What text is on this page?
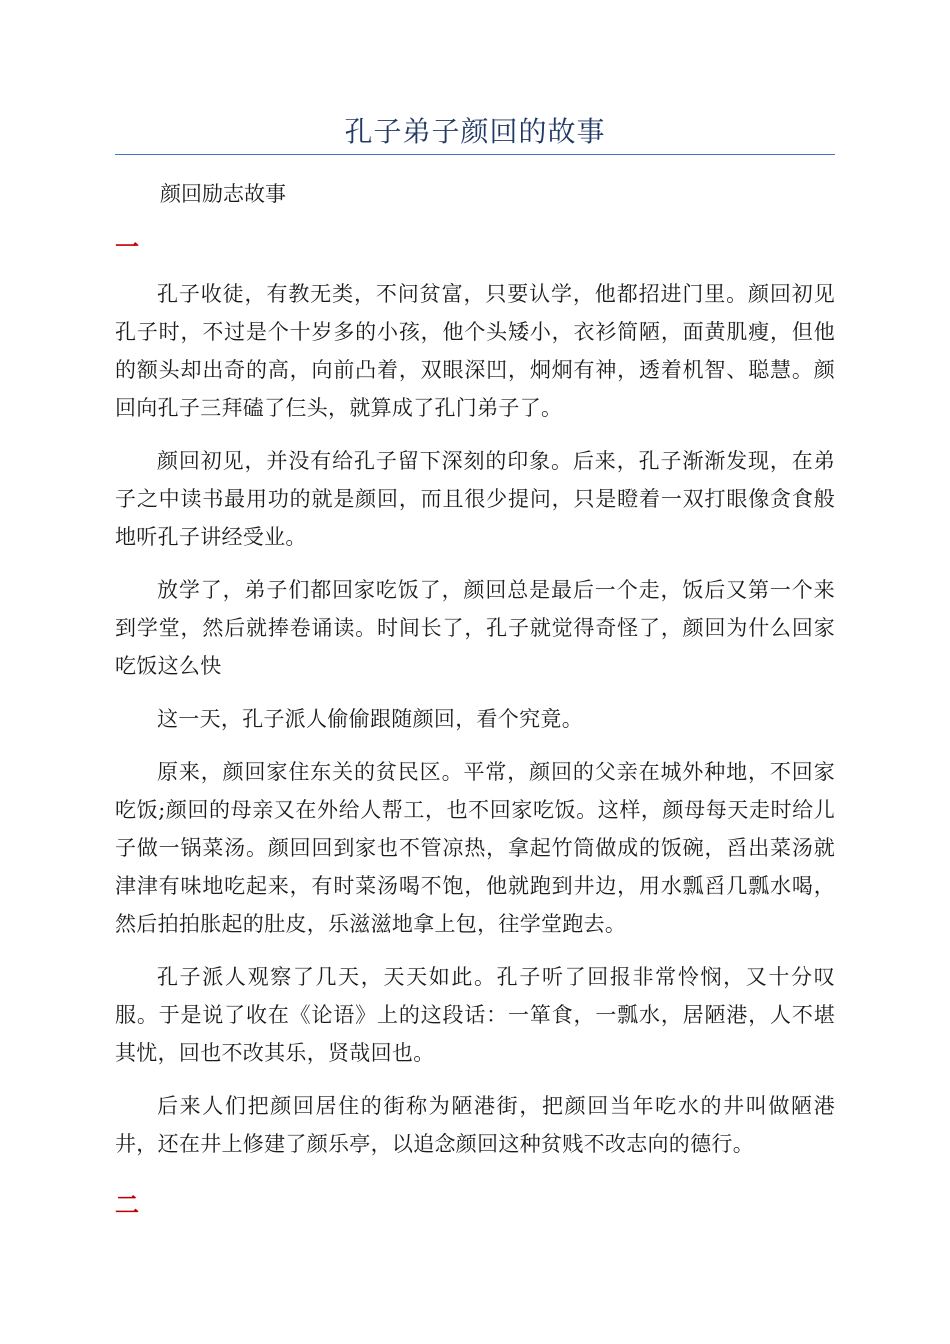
孔子弟子颜回的故事
颜回励志故事
一

孔子收徒，有教无类，不问贫富，只要认学，他都招进门里。颜回初见孔子时，不过是个十岁多的小孩，他个头矮小，衣衫简陋，面黄肌瘦，但他的额头却出奇的高，向前凸着，双眼深凹，炯炯有神，透着机智、聪慧。颜回向孔子三拜磕了仨头，就算成了孔门弟子了。

颜回初见，并没有给孔子留下深刻的印象。后来，孔子渐渐发现，在弟子之中读书最用功的就是颜回，而且很少提问，只是瞪着一双打眼像贪食般地听孔子讲经受业。

放学了，弟子们都回家吃饭了，颜回总是最后一个走，饭后又第一个来到学堂，然后就捧卷诵读。时间长了，孔子就觉得奇怪了，颜回为什么回家吃饭这么快

这一天，孔子派人偷偷跟随颜回，看个究竟。

原来，颜回家住东关的贫民区。平常，颜回的父亲在城外种地，不回家吃饭;颜回的母亲又在外给人帮工，也不回家吃饭。这样，颜母每天走时给儿子做一锅菜汤。颜回回到家也不管凉热，拿起竹筒做成的饭碗，舀出菜汤就津津有味地吃起来，有时菜汤喝不饱，他就跑到井边，用水瓢舀几瓢水喝，然后拍拍胀起的肚皮，乐滋滋地拿上包，往学堂跑去。

孔子派人观察了几天，天天如此。孔子听了回报非常怜悯，又十分叹服。于是说了收在《论语》上的这段话：一箪食，一瓢水，居陋港，人不堪其忧，回也不改其乐，贤哉回也。

后来人们把颜回居住的街称为陋港街，把颜回当年吃水的井叫做陋港井，还在井上修建了颜乐亭，以追念颜回这种贫贱不改志向的德行。

二
